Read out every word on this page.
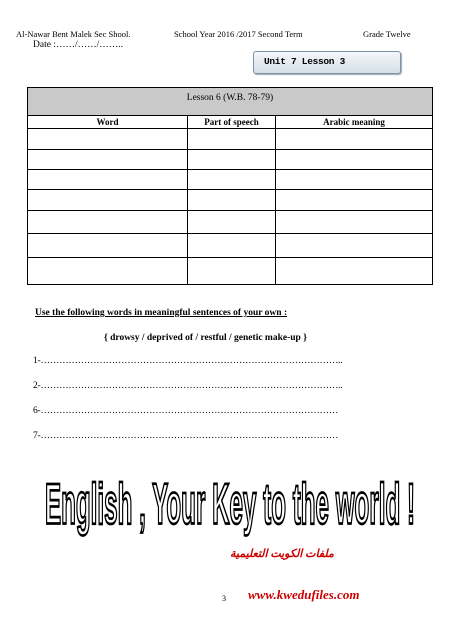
Al-Nawar Bent Malek Sec Shool.	School Year 2016 /2017 Second Term	Grade Twelve
Date :……/……/……..
Unit 7 Lesson 3
Lesson 6 (W.B. 78-79)
Word	Part of speech	Arabic meaning
Use the following words in meaningful sentences of your own :
{ drowsy / deprived of / restful / genetic make-up }
1-……………………………………………………………………………………..
2-……………………………………………………………………………………..
6-……………………………………………………………………………………
7-……………………………………………………………………………………
English , Your Key to the world !
ملفات الكويت التعليمية
3 www.kwedufiles.com
